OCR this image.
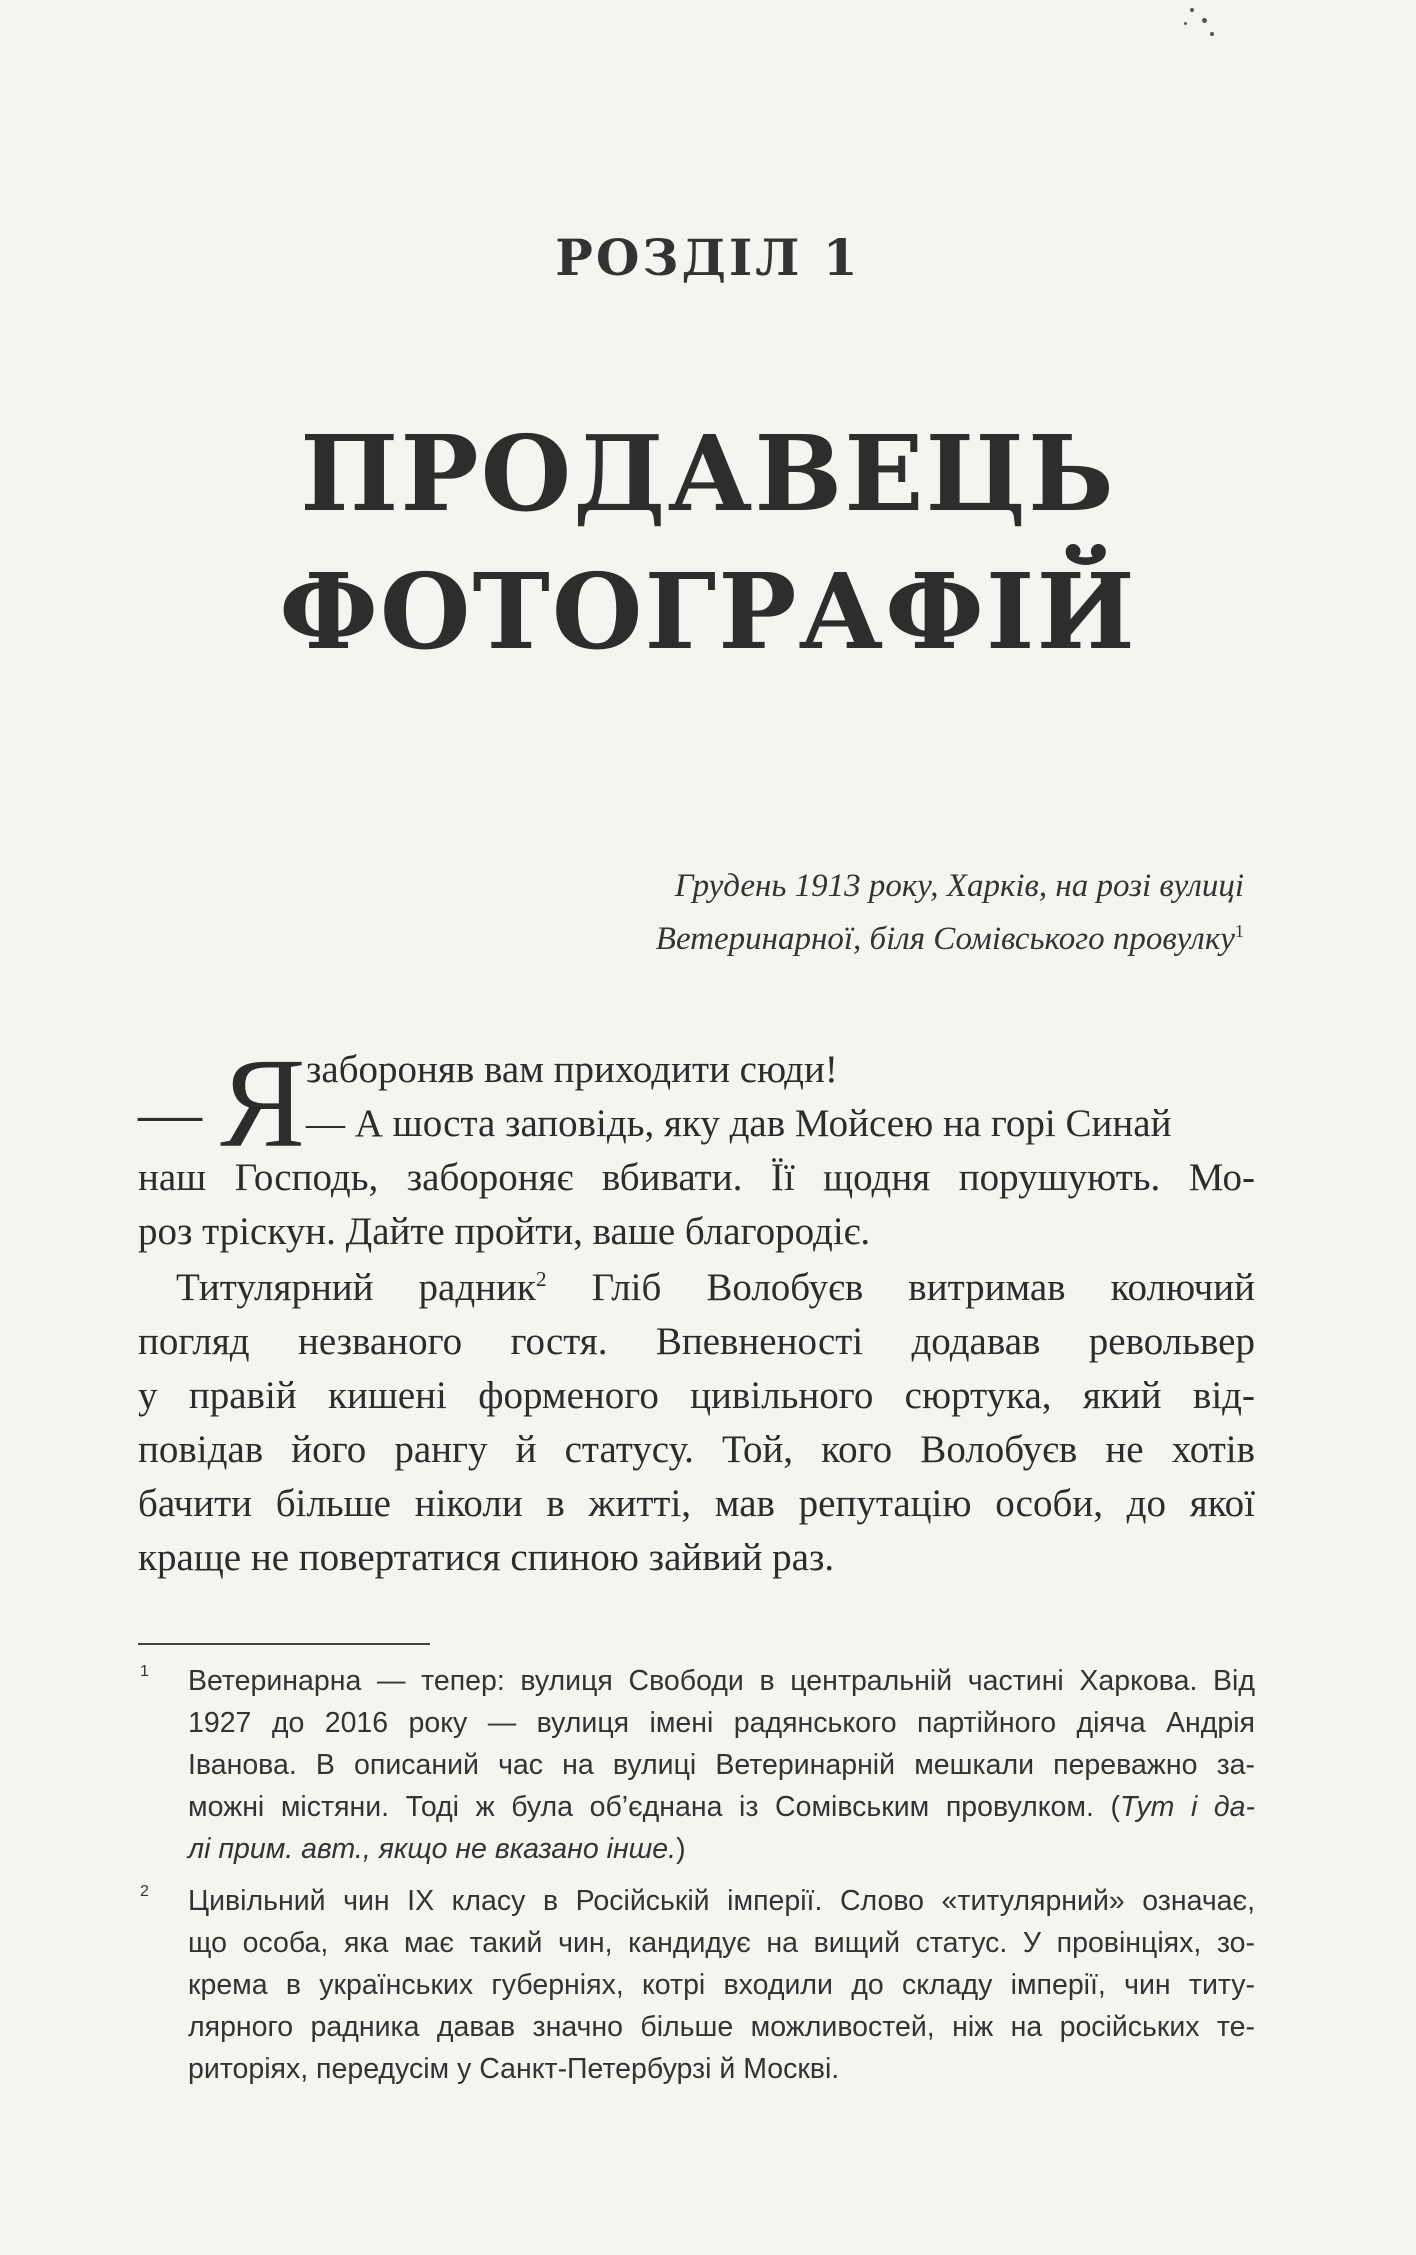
РОЗДІЛ 1
ПРОДАВЕЦЬ
ФОТОГРАФІЙ
Грудень 1913 року, Харків, на розі вулиці
Ветеринарної, біля Сомівського провулку$^1$
— Я забороняв вам приходити сюди!
— А шоста заповідь, яку дав Мойсею на горі Синай
наш Господь, забороняє вбивати. Її щодня порушують. Мо-
роз тріскун. Дайте пройти, ваше благородіє.
Титулярний радник$^2$ Гліб Волобуєв витримав колючий
погляд незваного гостя. Впевненості додавав револьвер
у правій кишені форменого цивільного сюртука, який від-
повідав його рангу й статусу. Той, кого Волобуєв не хотів
бачити більше ніколи в житті, мав репутацію особи, до якої
краще не повертатися спиною зайвий раз.
1 Ветеринарна — тепер: вулиця Свободи в центральній частині Харкова. Від
1927 до 2016 року — вулиця імені радянського партійного діяча Андрія
Іванова. В описаний час на вулиці Ветеринарній мешкали переважно за-
можні містяни. Тоді ж була об’єднана із Сомівським провулком. (Тут і да-
лі прим. авт., якщо не вказано інше.)
2 Цивільний чин IX класу в Російській імперії. Слово «титулярний» означає,
що особа, яка має такий чин, кандидує на вищий статус. У провінціях, зо-
крема в українських губерніях, котрі входили до складу імперії, чин титу-
лярного радника давав значно більше можливостей, ніж на російських те-
риторіях, передусім у Санкт-Петербурзі й Москві.
